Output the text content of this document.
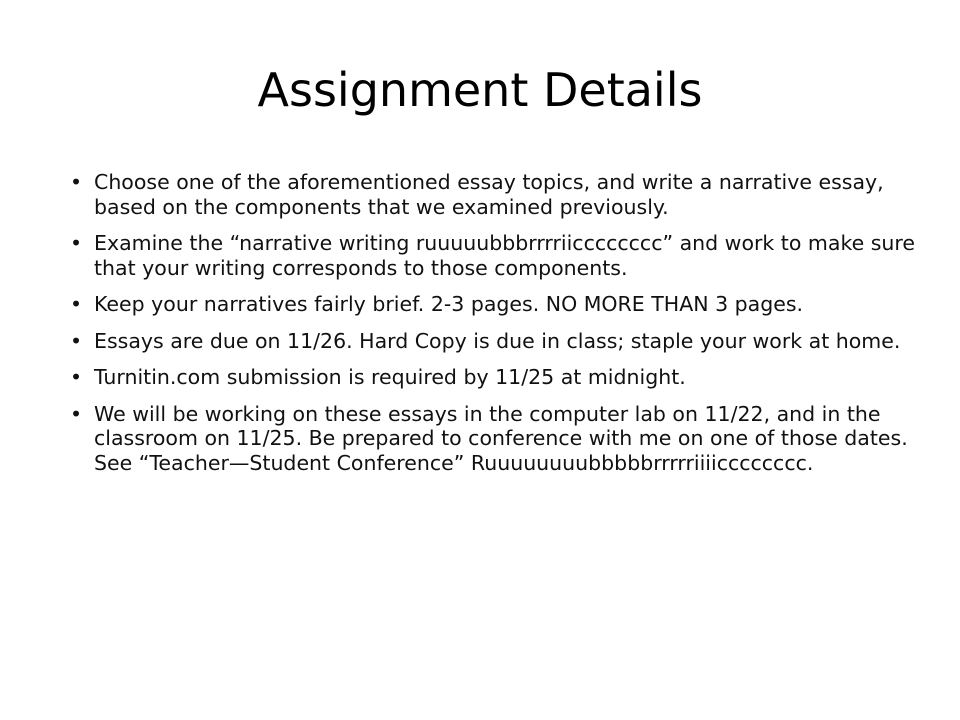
Assignment Details
• Choose one of the aforementioned essay topics, and write a narrative essay, based on the components that we examined previously.
• Examine the “narrative writing ruuuuubbbrrrriicccccccc” and work to make sure that your writing corresponds to those components.
• Keep your narratives fairly brief. 2-3 pages. NO MORE THAN 3 pages.
• Essays are due on 11/26. Hard Copy is due in class; staple your work at home.
• Turnitin.com submission is required by 11/25 at midnight.
• We will be working on these essays in the computer lab on 11/22, and in the classroom on 11/25. Be prepared to conference with me on one of those dates. See “Teacher—Student Conference” Ruuuuuuuubbbbbrrrrriiiicccccccc.
